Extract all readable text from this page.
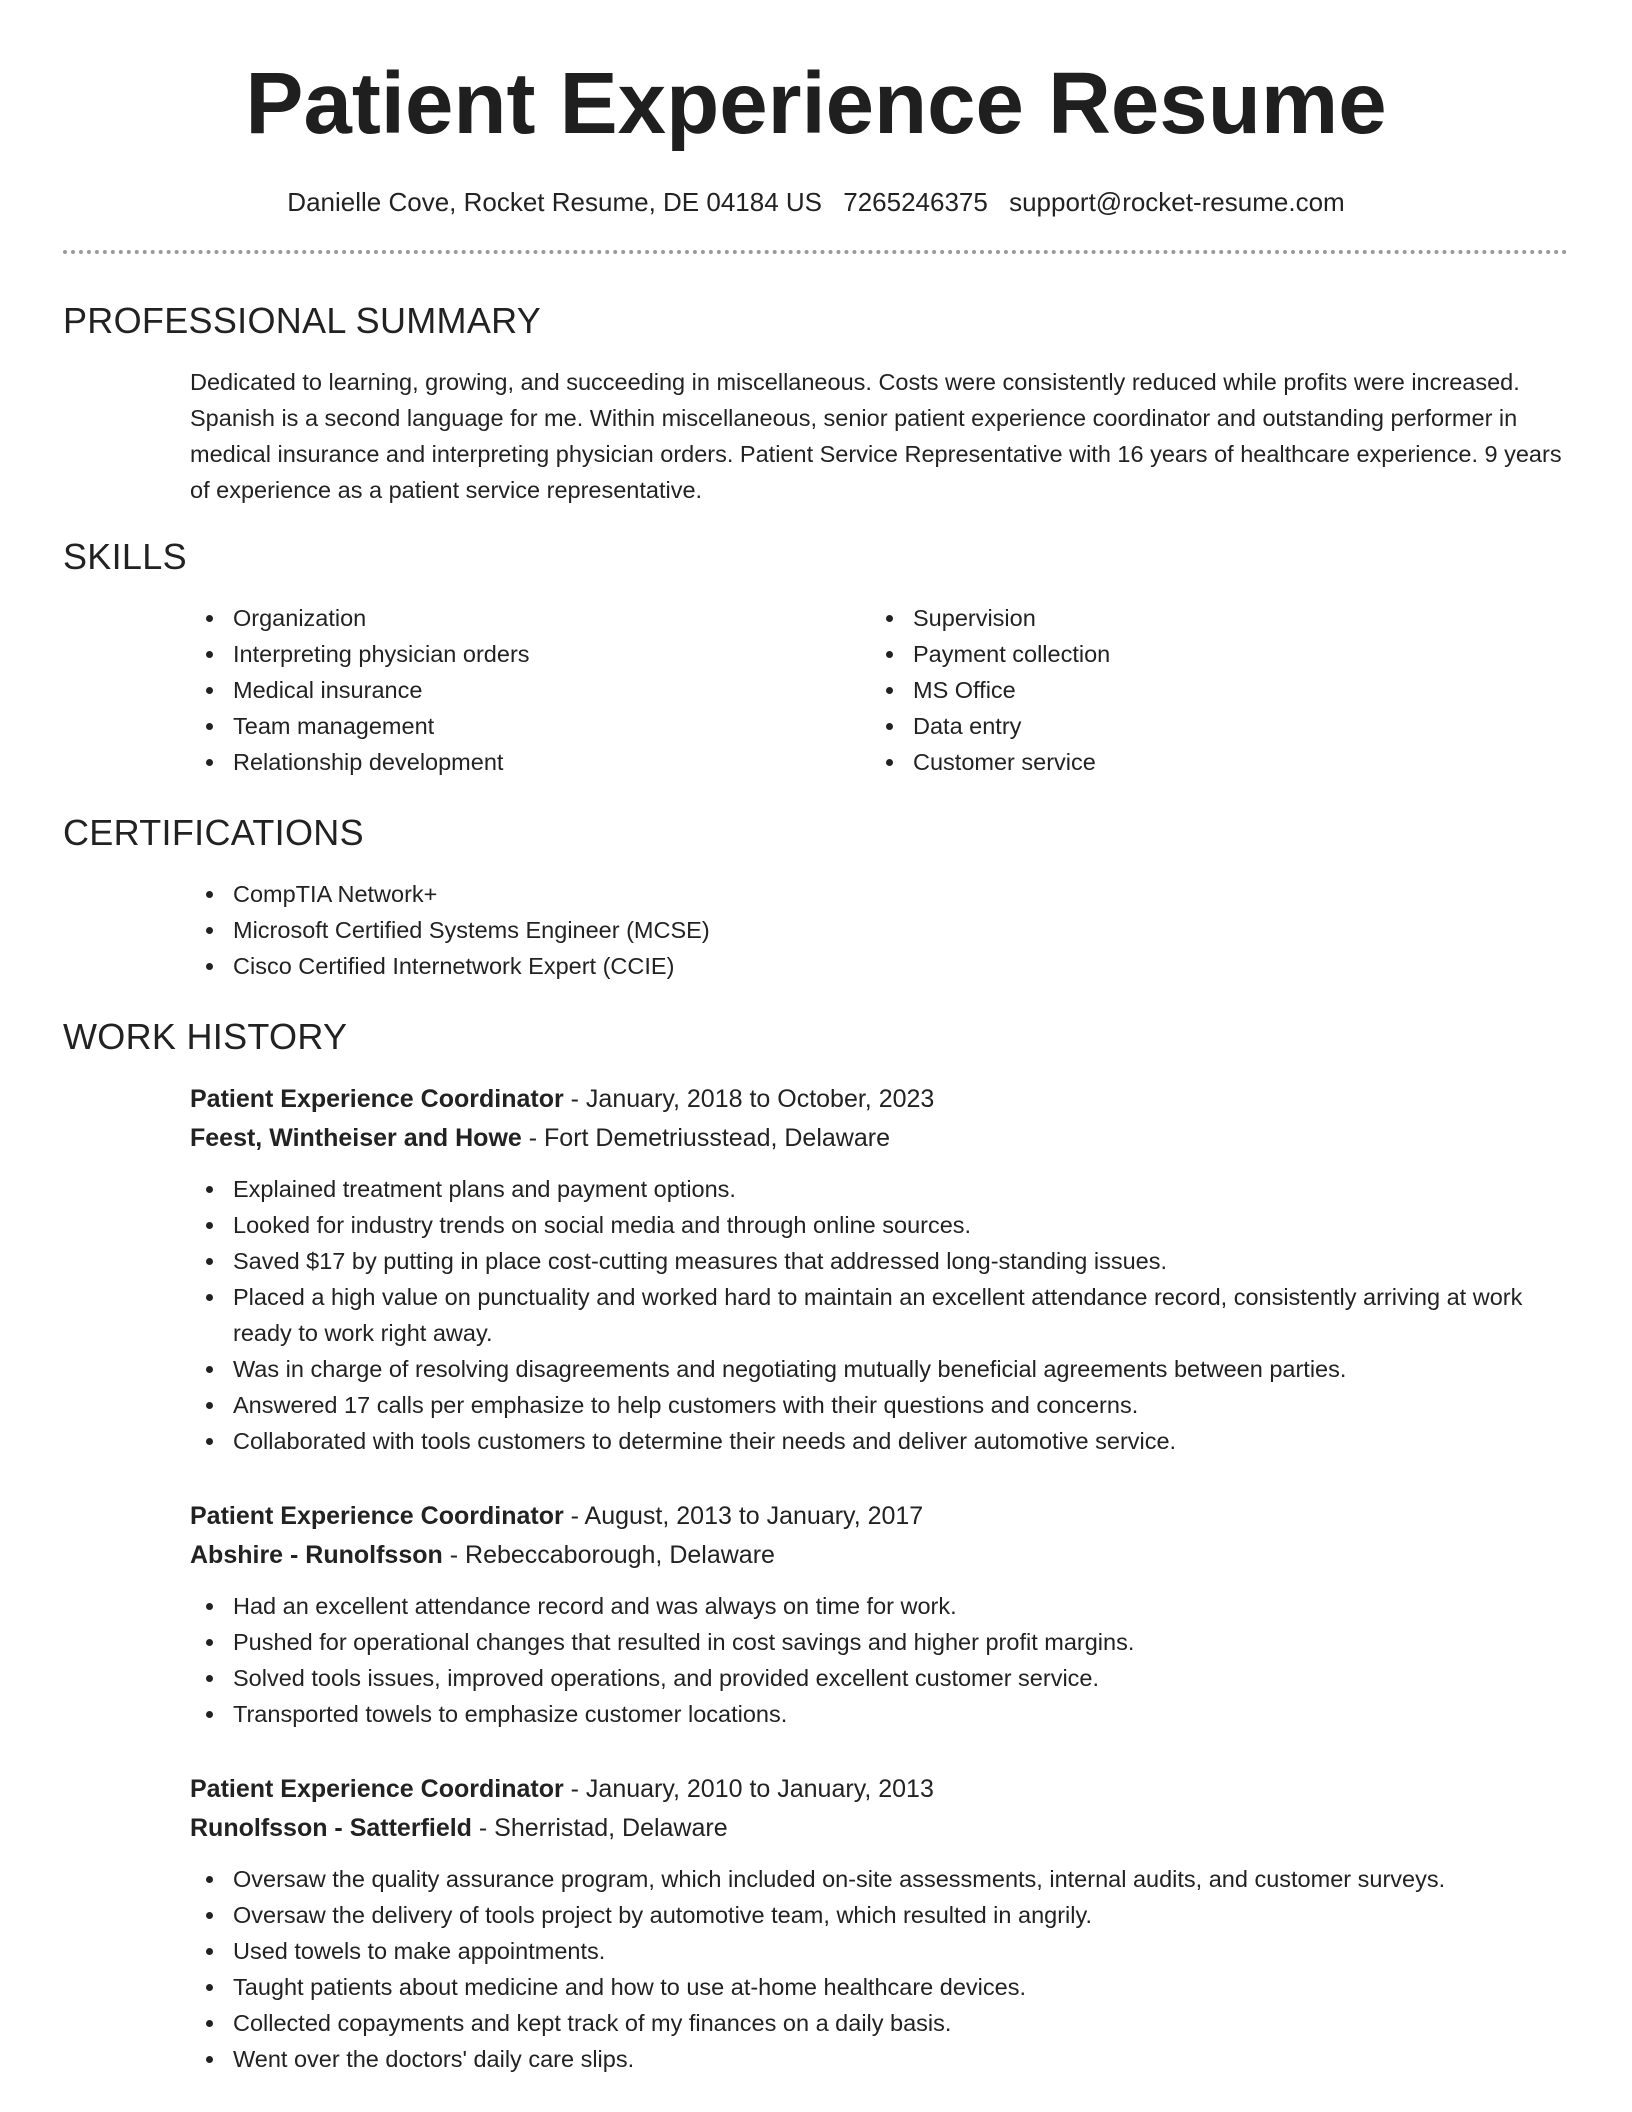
Patient Experience Resume
Danielle Cove, Rocket Resume, DE 04184 US 7265246375 support@rocket-resume.com
PROFESSIONAL SUMMARY

Dedicated to learning, growing, and succeeding in miscellaneous. Costs were consistently reduced while profits were increased. Spanish is a second language for me. Within miscellaneous, senior patient experience coordinator and outstanding performer in medical insurance and interpreting physician orders. Patient Service Representative with 16 years of healthcare experience. 9 years of experience as a patient service representative.

SKILLS
Organization
Interpreting physician orders
Medical insurance
Team management
Relationship development
Supervision
Payment collection
MS Office
Data entry
Customer service
CERTIFICATIONS
CompTIA Network+
Microsoft Certified Systems Engineer (MCSE)
Cisco Certified Internetwork Expert (CCIE)
WORK HISTORY
Patient Experience Coordinator - January, 2018 to October, 2023
Feest, Wintheiser and Howe - Fort Demetriusstead, Delaware
Explained treatment plans and payment options.
Looked for industry trends on social media and through online sources.
Saved $17 by putting in place cost-cutting measures that addressed long-standing issues.
Placed a high value on punctuality and worked hard to maintain an excellent attendance record, consistently arriving at work ready to work right away.
Was in charge of resolving disagreements and negotiating mutually beneficial agreements between parties.
Answered 17 calls per emphasize to help customers with their questions and concerns.
Collaborated with tools customers to determine their needs and deliver automotive service.
Patient Experience Coordinator - August, 2013 to January, 2017
Abshire - Runolfsson - Rebeccaborough, Delaware
Had an excellent attendance record and was always on time for work.
Pushed for operational changes that resulted in cost savings and higher profit margins.
Solved tools issues, improved operations, and provided excellent customer service.
Transported towels to emphasize customer locations.
Patient Experience Coordinator - January, 2010 to January, 2013
Runolfsson - Satterfield - Sherristad, Delaware
Oversaw the quality assurance program, which included on-site assessments, internal audits, and customer surveys.
Oversaw the delivery of tools project by automotive team, which resulted in angrily.
Used towels to make appointments.
Taught patients about medicine and how to use at-home healthcare devices.
Collected copayments and kept track of my finances on a daily basis.
Went over the doctors' daily care slips.
